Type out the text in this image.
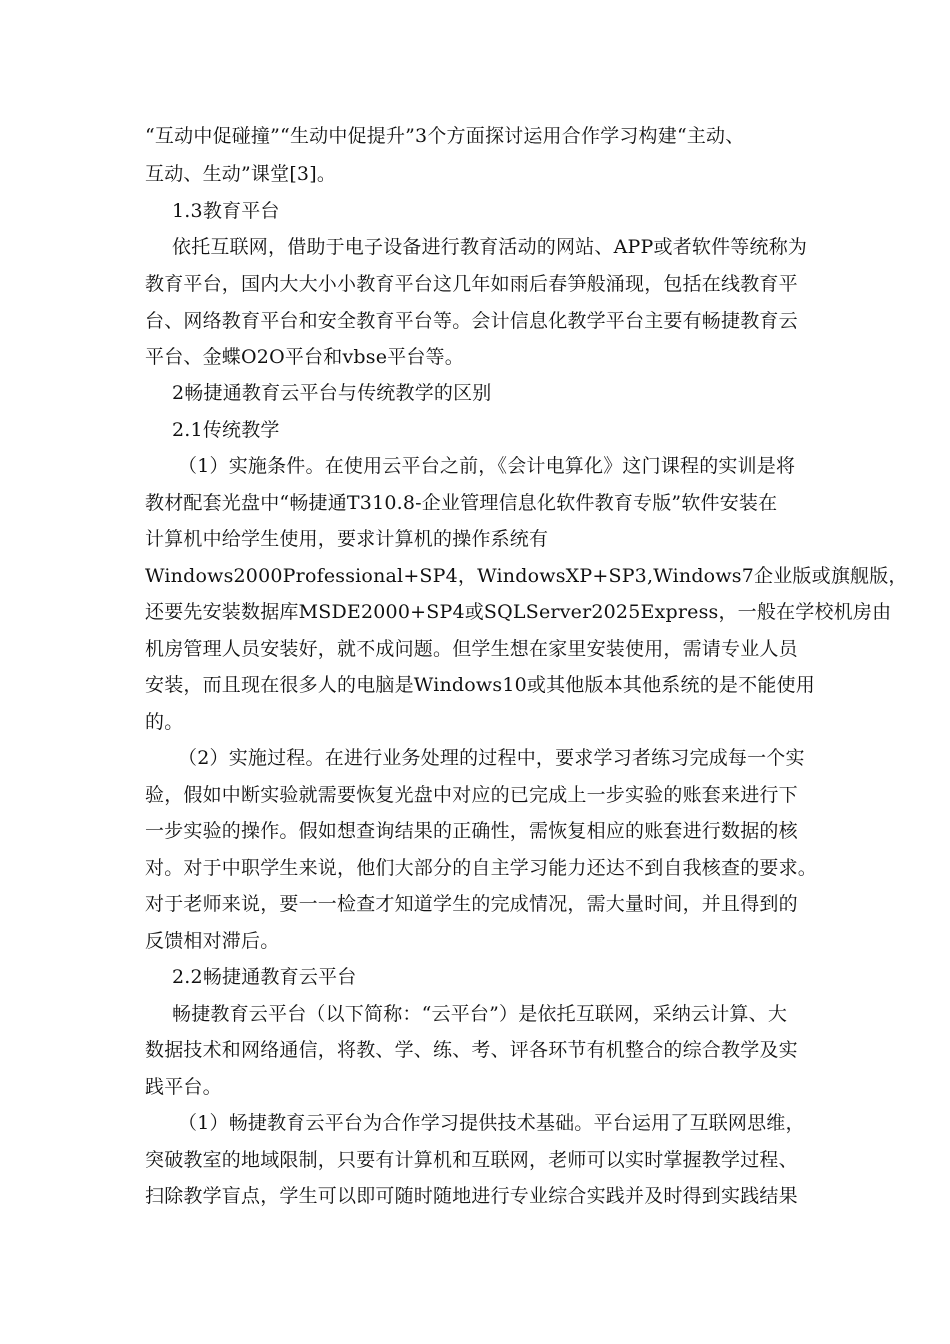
“互动中促碰撞”“生动中促提升”3个方面探讨运用合作学习构建“主动、
互动、生动”课堂[3]。
1.3教育平台
依托互联网，借助于电子设备进行教育活动的网站、APP或者软件等统称为
教育平台，国内大大小小教育平台这几年如雨后春笋般涌现，包括在线教育平
台、网络教育平台和安全教育平台等。会计信息化教学平台主要有畅捷教育云
平台、金蝶O2O平台和vbse平台等。
2畅捷通教育云平台与传统教学的区别
2.1传统教学
（1）实施条件。在使用云平台之前，《会计电算化》这门课程的实训是将
教材配套光盘中“畅捷通T310.8-企业管理信息化软件教育专版”软件安装在
计算机中给学生使用，要求计算机的操作系统有
Windows2000Professional+SP4，WindowsXP+SP3,Windows7企业版或旗舰版，
还要先安装数据库MSDE2000+SP4或SQLServer2025Express，一般在学校机房由
机房管理人员安装好，就不成问题。但学生想在家里安装使用，需请专业人员
安装，而且现在很多人的电脑是Windows10或其他版本其他系统的是不能使用
的。
（2）实施过程。在进行业务处理的过程中，要求学习者练习完成每一个实
验，假如中断实验就需要恢复光盘中对应的已完成上一步实验的账套来进行下
一步实验的操作。假如想查询结果的正确性，需恢复相应的账套进行数据的核
对。对于中职学生来说，他们大部分的自主学习能力还达不到自我核查的要求。
对于老师来说，要一一检查才知道学生的完成情况，需大量时间，并且得到的
反馈相对滞后。
2.2畅捷通教育云平台
畅捷教育云平台（以下简称：“云平台”）是依托互联网，采纳云计算、大
数据技术和网络通信，将教、学、练、考、评各环节有机整合的综合教学及实
践平台。
（1）畅捷教育云平台为合作学习提供技术基础。平台运用了互联网思维，
突破教室的地域限制，只要有计算机和互联网，老师可以实时掌握教学过程、
扫除教学盲点，学生可以即可随时随地进行专业综合实践并及时得到实践结果
